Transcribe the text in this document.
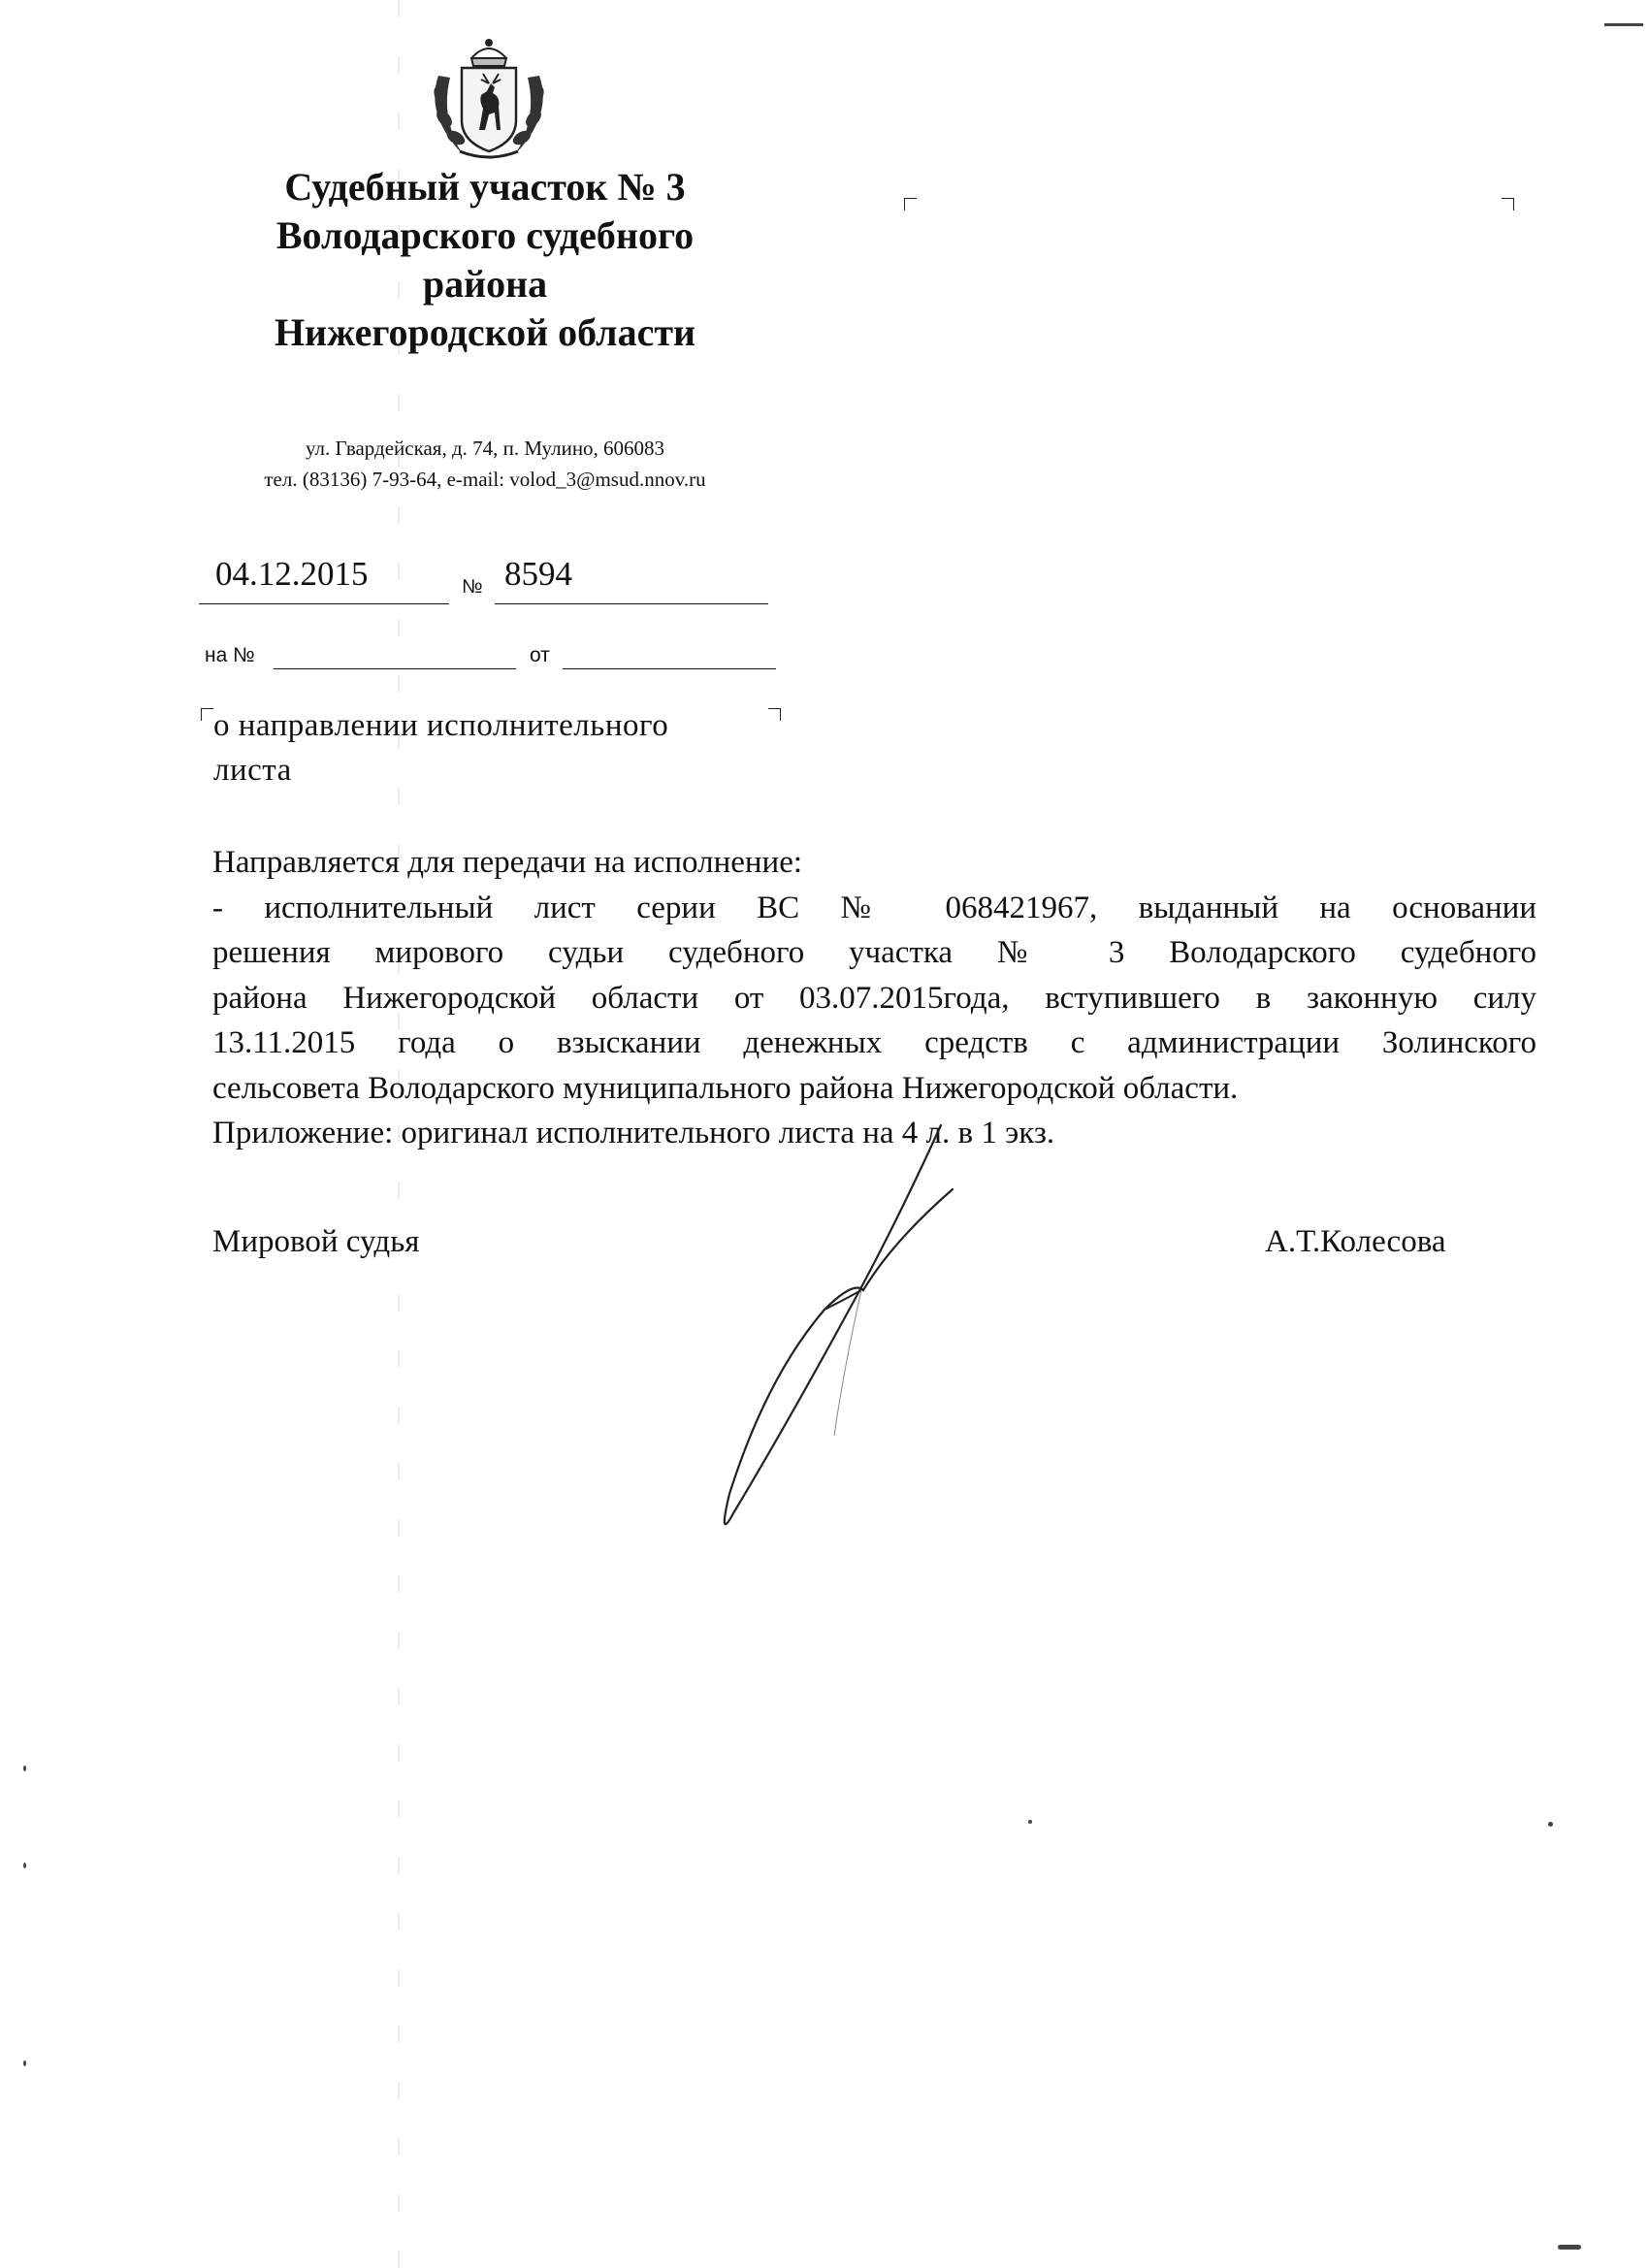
Судебный участок № 3
Володарского судебного
района
Нижегородской области
ул. Гвардейская, д. 74, п. Мулино, 606083
тел. (83136) 7-93-64, e-mail: volod_3@msud.nnov.ru
04.12.2015	№ 8594
на №	от
о направлении исполнительного
листа

Направляется для передачи на исполнение:

- исполнительный лист серии ВС № 068421967, выданный на основании

решения мирового судьи судебного участка № 3 Володарского судебного

района Нижегородской области от 03.07.2015года, вступившего в законную силу

13.11.2015 года о взыскании денежных средств с администрации Золинского

сельсовета Володарского муниципального района Нижегородской области.

Приложение: оригинал исполнительного листа на 4 л. в 1 экз.

Мировой судья	А.Т.Колесова
